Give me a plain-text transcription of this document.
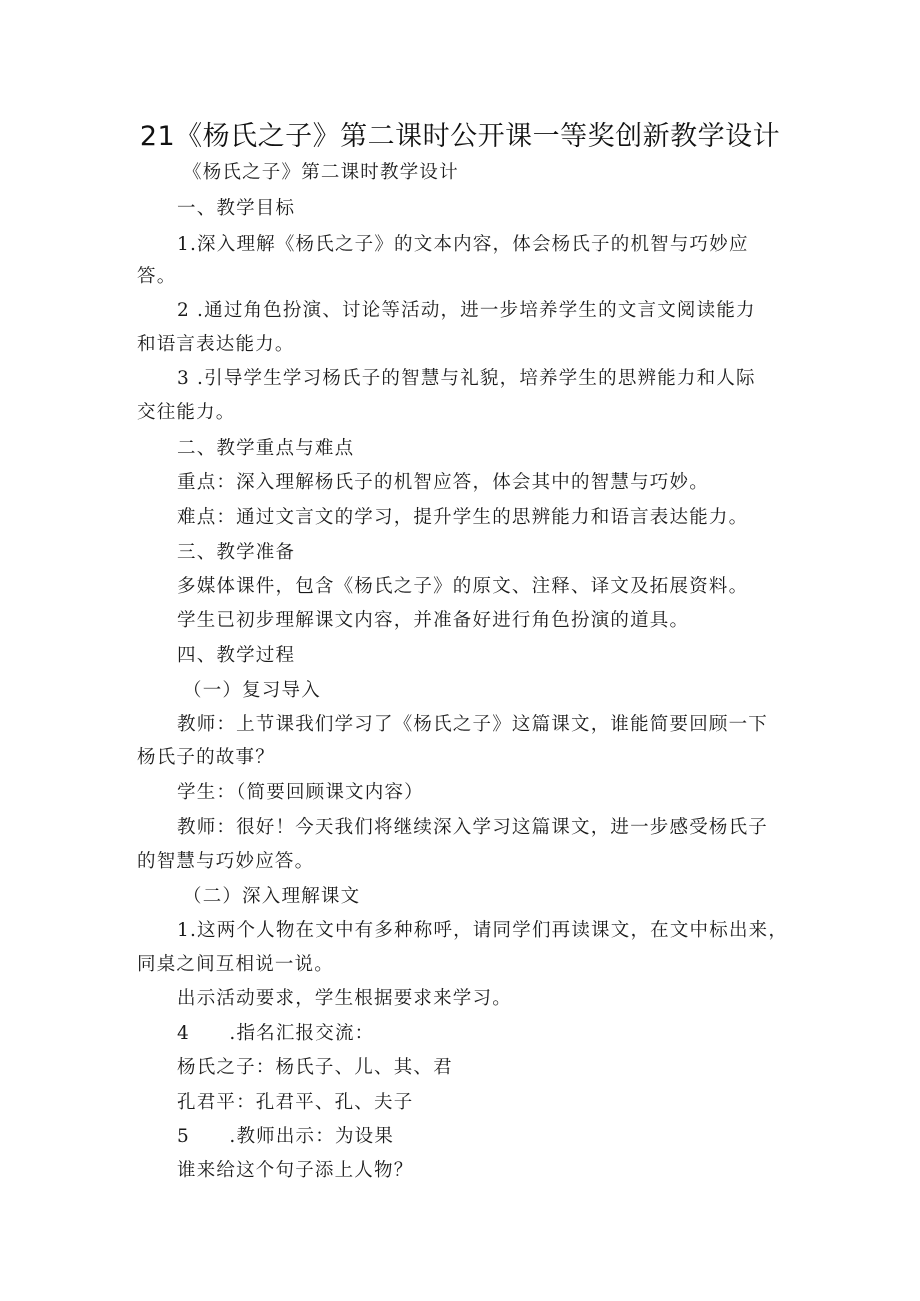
21《杨氏之子》第二课时公开课一等奖创新教学设计
《杨氏之子》第二课时教学设计
一、教学目标
1.深入理解《杨氏之子》的文本内容，体会杨氏子的机智与巧妙应
答。
2 .通过角色扮演、讨论等活动，进一步培养学生的文言文阅读能力
和语言表达能力。
3 .引导学生学习杨氏子的智慧与礼貌，培养学生的思辨能力和人际
交往能力。
二、教学重点与难点
重点：深入理解杨氏子的机智应答，体会其中的智慧与巧妙。
难点：通过文言文的学习，提升学生的思辨能力和语言表达能力。
三、教学准备
多媒体课件，包含《杨氏之子》的原文、注释、译文及拓展资料。
学生已初步理解课文内容，并准备好进行角色扮演的道具。
四、教学过程
（一）复习导入
教师：上节课我们学习了《杨氏之子》这篇课文，谁能简要回顾一下
杨氏子的故事？
学生：（简要回顾课文内容）
教师：很好！今天我们将继续深入学习这篇课文，进一步感受杨氏子
的智慧与巧妙应答。
（二）深入理解课文
1.这两个人物在文中有多种称呼，请同学们再读课文，在文中标出来，
同桌之间互相说一说。
出示活动要求，学生根据要求来学习。
4  .指名汇报交流：
杨氏之子：杨氏子、儿、其、君
孔君平：孔君平、孔、夫子
5  .教师出示：为设果
谁来给这个句子添上人物？
